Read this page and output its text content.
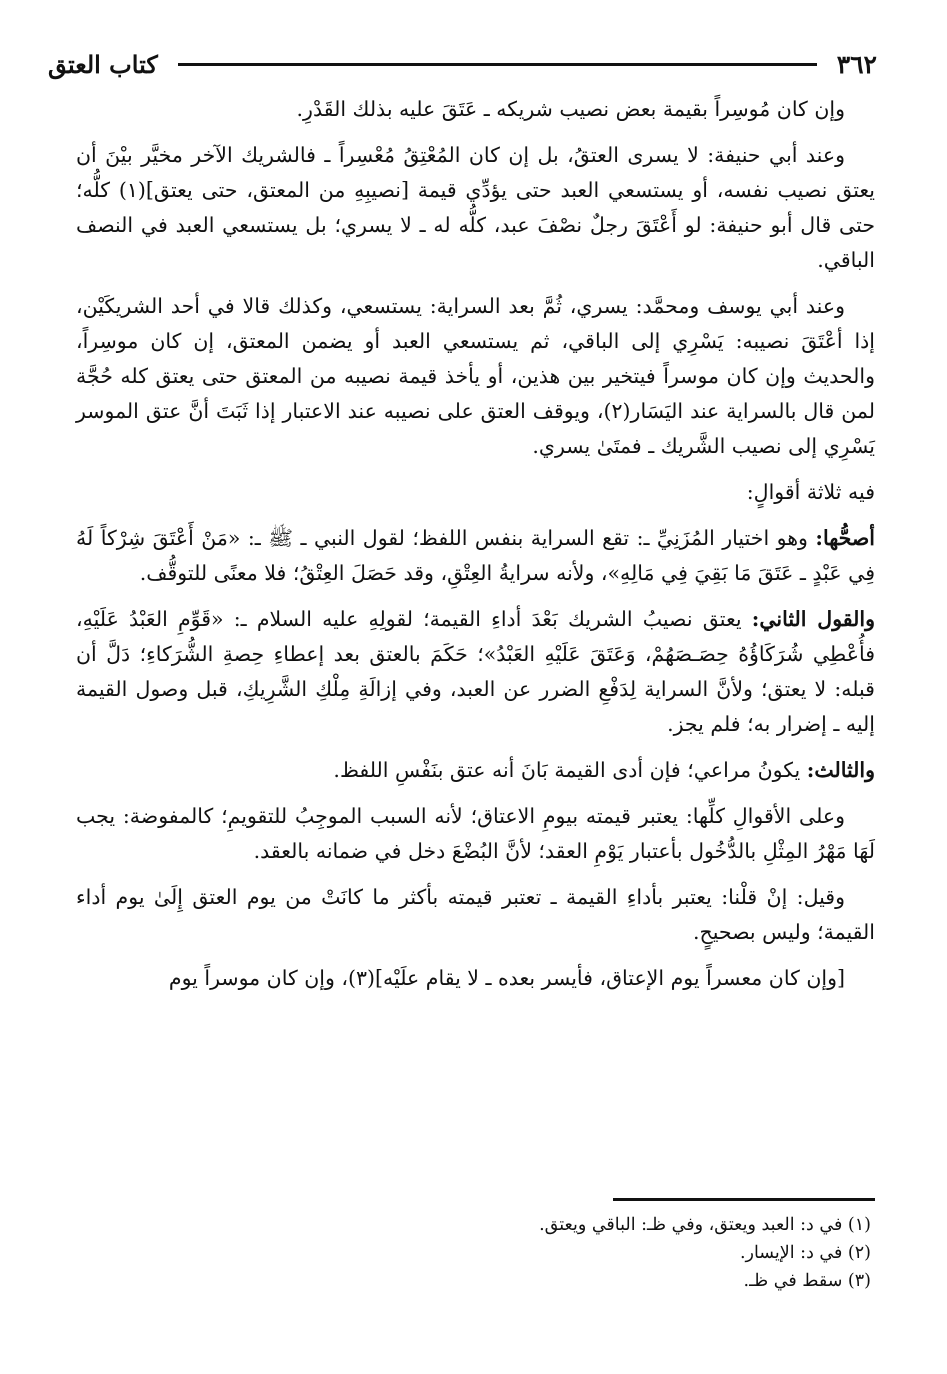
٣٦٢
كتاب العتق

وإن كان مُوسِراً بقيمة بعض نصيب شريكه ـ عَتَقَ عليه بذلك القَدْرِ.

وعند أبي حنيفة: لا يسرى العتقُ، بل إن كان المُعْتِقُ مُعْسِراً ـ فالشريك الآخر مخيَّر بيْنَ أن يعتق نصيب نفسه، أو يستسعي العبد حتى يؤدِّي قيمة [نصيبِهِ من المعتق، حتى يعتق](١) كلُّه؛ حتى قال أبو حنيفة: لو أَعْتَقَ رجلٌ نصْفَ عبد، كلُّه له ـ لا يسري؛ بل يستسعي العبد في النصف الباقي.

وعند أبي يوسف ومحمَّد: يسري، ثُمَّ بعد السراية: يستسعي، وكذلك قالا في أحد الشريكَيْن، إذا أعْتَقَ نصيبه: يَسْرِي إلى الباقي، ثم يستسعي العبد أو يضمن المعتق، إن كان موسِراً، والحديث وإن كان موسراً فيتخير بين هذين، أو يأخذ قيمة نصيبه من المعتق حتى يعتق كله حُجَّة لمن قال بالسراية عند اليَسَار(٢)، ويوقف العتق على نصيبه عند الاعتبار إذا ثَبَتَ أنَّ عتق الموسر يَسْرِي إلى نصيب الشَّريك ـ فمتَىٰ يسري.

فيه ثلاثة أقوالٍ:

أصحُّها: وهو اختيار المُزَنِيِّ ـ: تقع السراية بنفس اللفظ؛ لقول النبي ـ ﷺ ـ: «مَنْ أَعْتَقَ شِرْكاً لَهُ فِي عَبْدٍ ـ عَتَقَ مَا بَقِيَ فِي مَالِهِ»، ولأنه سرايةُ العِتْقِ، وقد حَصَلَ العِتْقُ؛ فلا معنًى للتوقُّف.

والقول الثاني: يعتق نصيبُ الشريك بَعْدَ أداءِ القيمة؛ لقولِهِ عليه السلام ـ: «قَوِّمِ العَبْدُ عَلَيْهِ، فأُعْطِي شُرَكَاؤُهُ حِصَـصَهُمْ، وَعَتَقَ عَلَيْهِ العَبْدُ»؛ حَكَمَ بالعتق بعد إعطاءِ حِصةِ الشُّرَكاءِ؛ دَلَّ أن قبله: لا يعتق؛ ولأنَّ السراية لِدَفْعِ الضرر عن العبد، وفي إزالَةِ مِلْكِ الشَّرِيكِ، قبل وصول القيمة إليه ـ إضرار به؛ فلم يجز.

والثالث: يكونُ مراعي؛ فإن أدى القيمة بَانَ أنه عتق بنَفْسِ اللفظ.

وعلى الأقوالِ كلِّها: يعتبر قيمته بيومِ الاعتاق؛ لأنه السبب الموجِبُ للتقويمِ؛ كالمفوضة: يجب لَهَا مَهْرُ المِثْلِ بالدُّخُول بأعتبار يَوْمِ العقد؛ لأنَّ البُضْعَ دخل في ضمانه بالعقد.

وقيل: إنْ قلْنا: يعتبر بأداءِ القيمة ـ تعتبر قيمته بأكثر ما كانَتْ من يوم العتق إِلَىٰ يوم أداء القيمة؛ وليس بصحيحٍ.

[وإن كان معسراً يوم الإعتاق، فأيسر بعده ـ لا يقام علَيْه](٣)، وإن كان موسراً يوم

(١) في د: العبد ويعتق، وفي ظـ: الباقي ويعتق.

(٢) في د: الإيسار.

(٣) سقط في ظـ.
